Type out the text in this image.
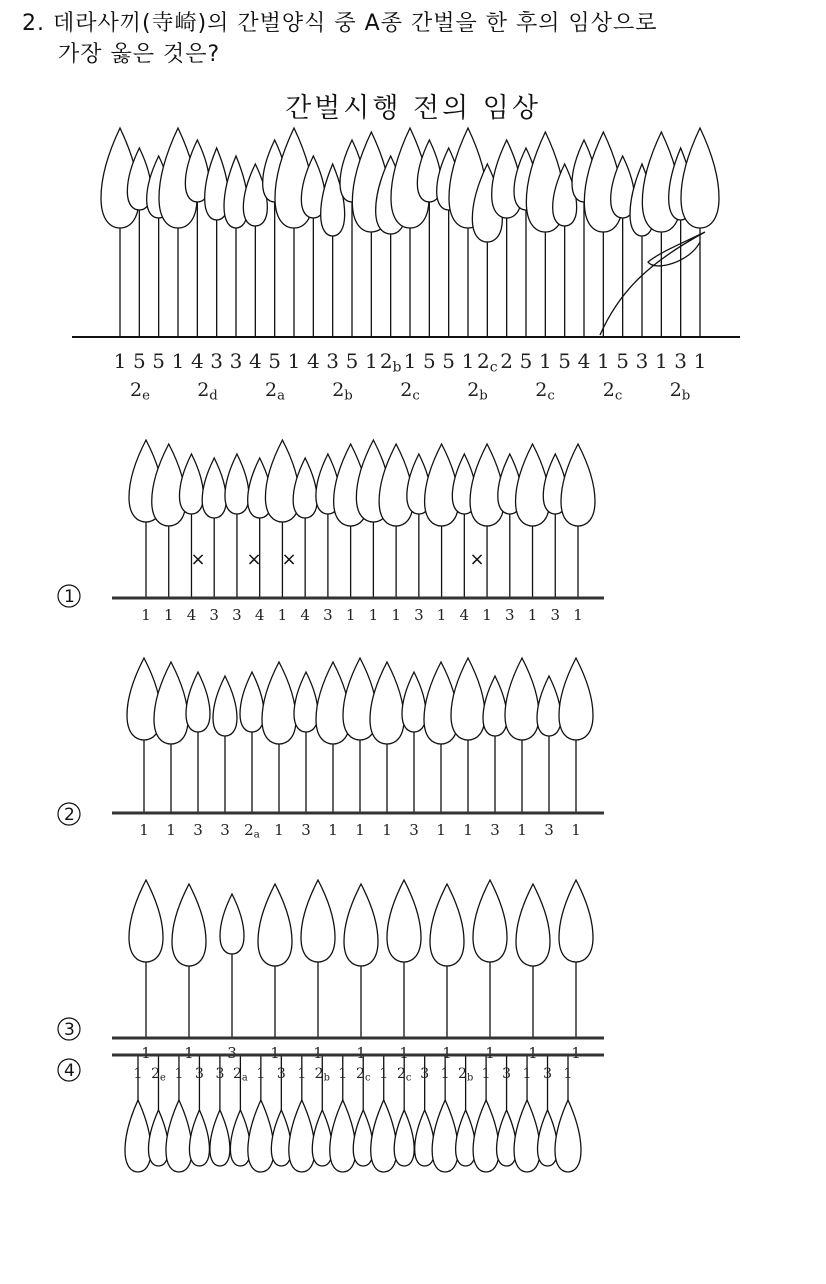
2. 데라사끼(寺崎)의 간벌양식 중 A종 간벌을 한 후의 임상으로
가장 옳은 것은?
간벌시행 전의 임상
1 5 5 1 4 3 3 4 5 1 4 3 5 1 2b 1 5 5 1 2c 2 5 1 5 4 1 5 3 1 3 1
2e 2d 2a 2b 2c 2b 2c	2c 2b
1 1 4 3 3 4 1 4 3 1 1 1 3 1 4 1 3 1 3 1
× × ×	×
1 1 3 3 2a 1 3 1 1 1 3 1 1 3 1 3 1
1 1 3 1 1 1 1 1 1 1 1
1 2e 1 3 3 2a 1 3 1 2b 1 2c 1 2c 3 1 2b 1 3 1 3 1
1
2
3
4
